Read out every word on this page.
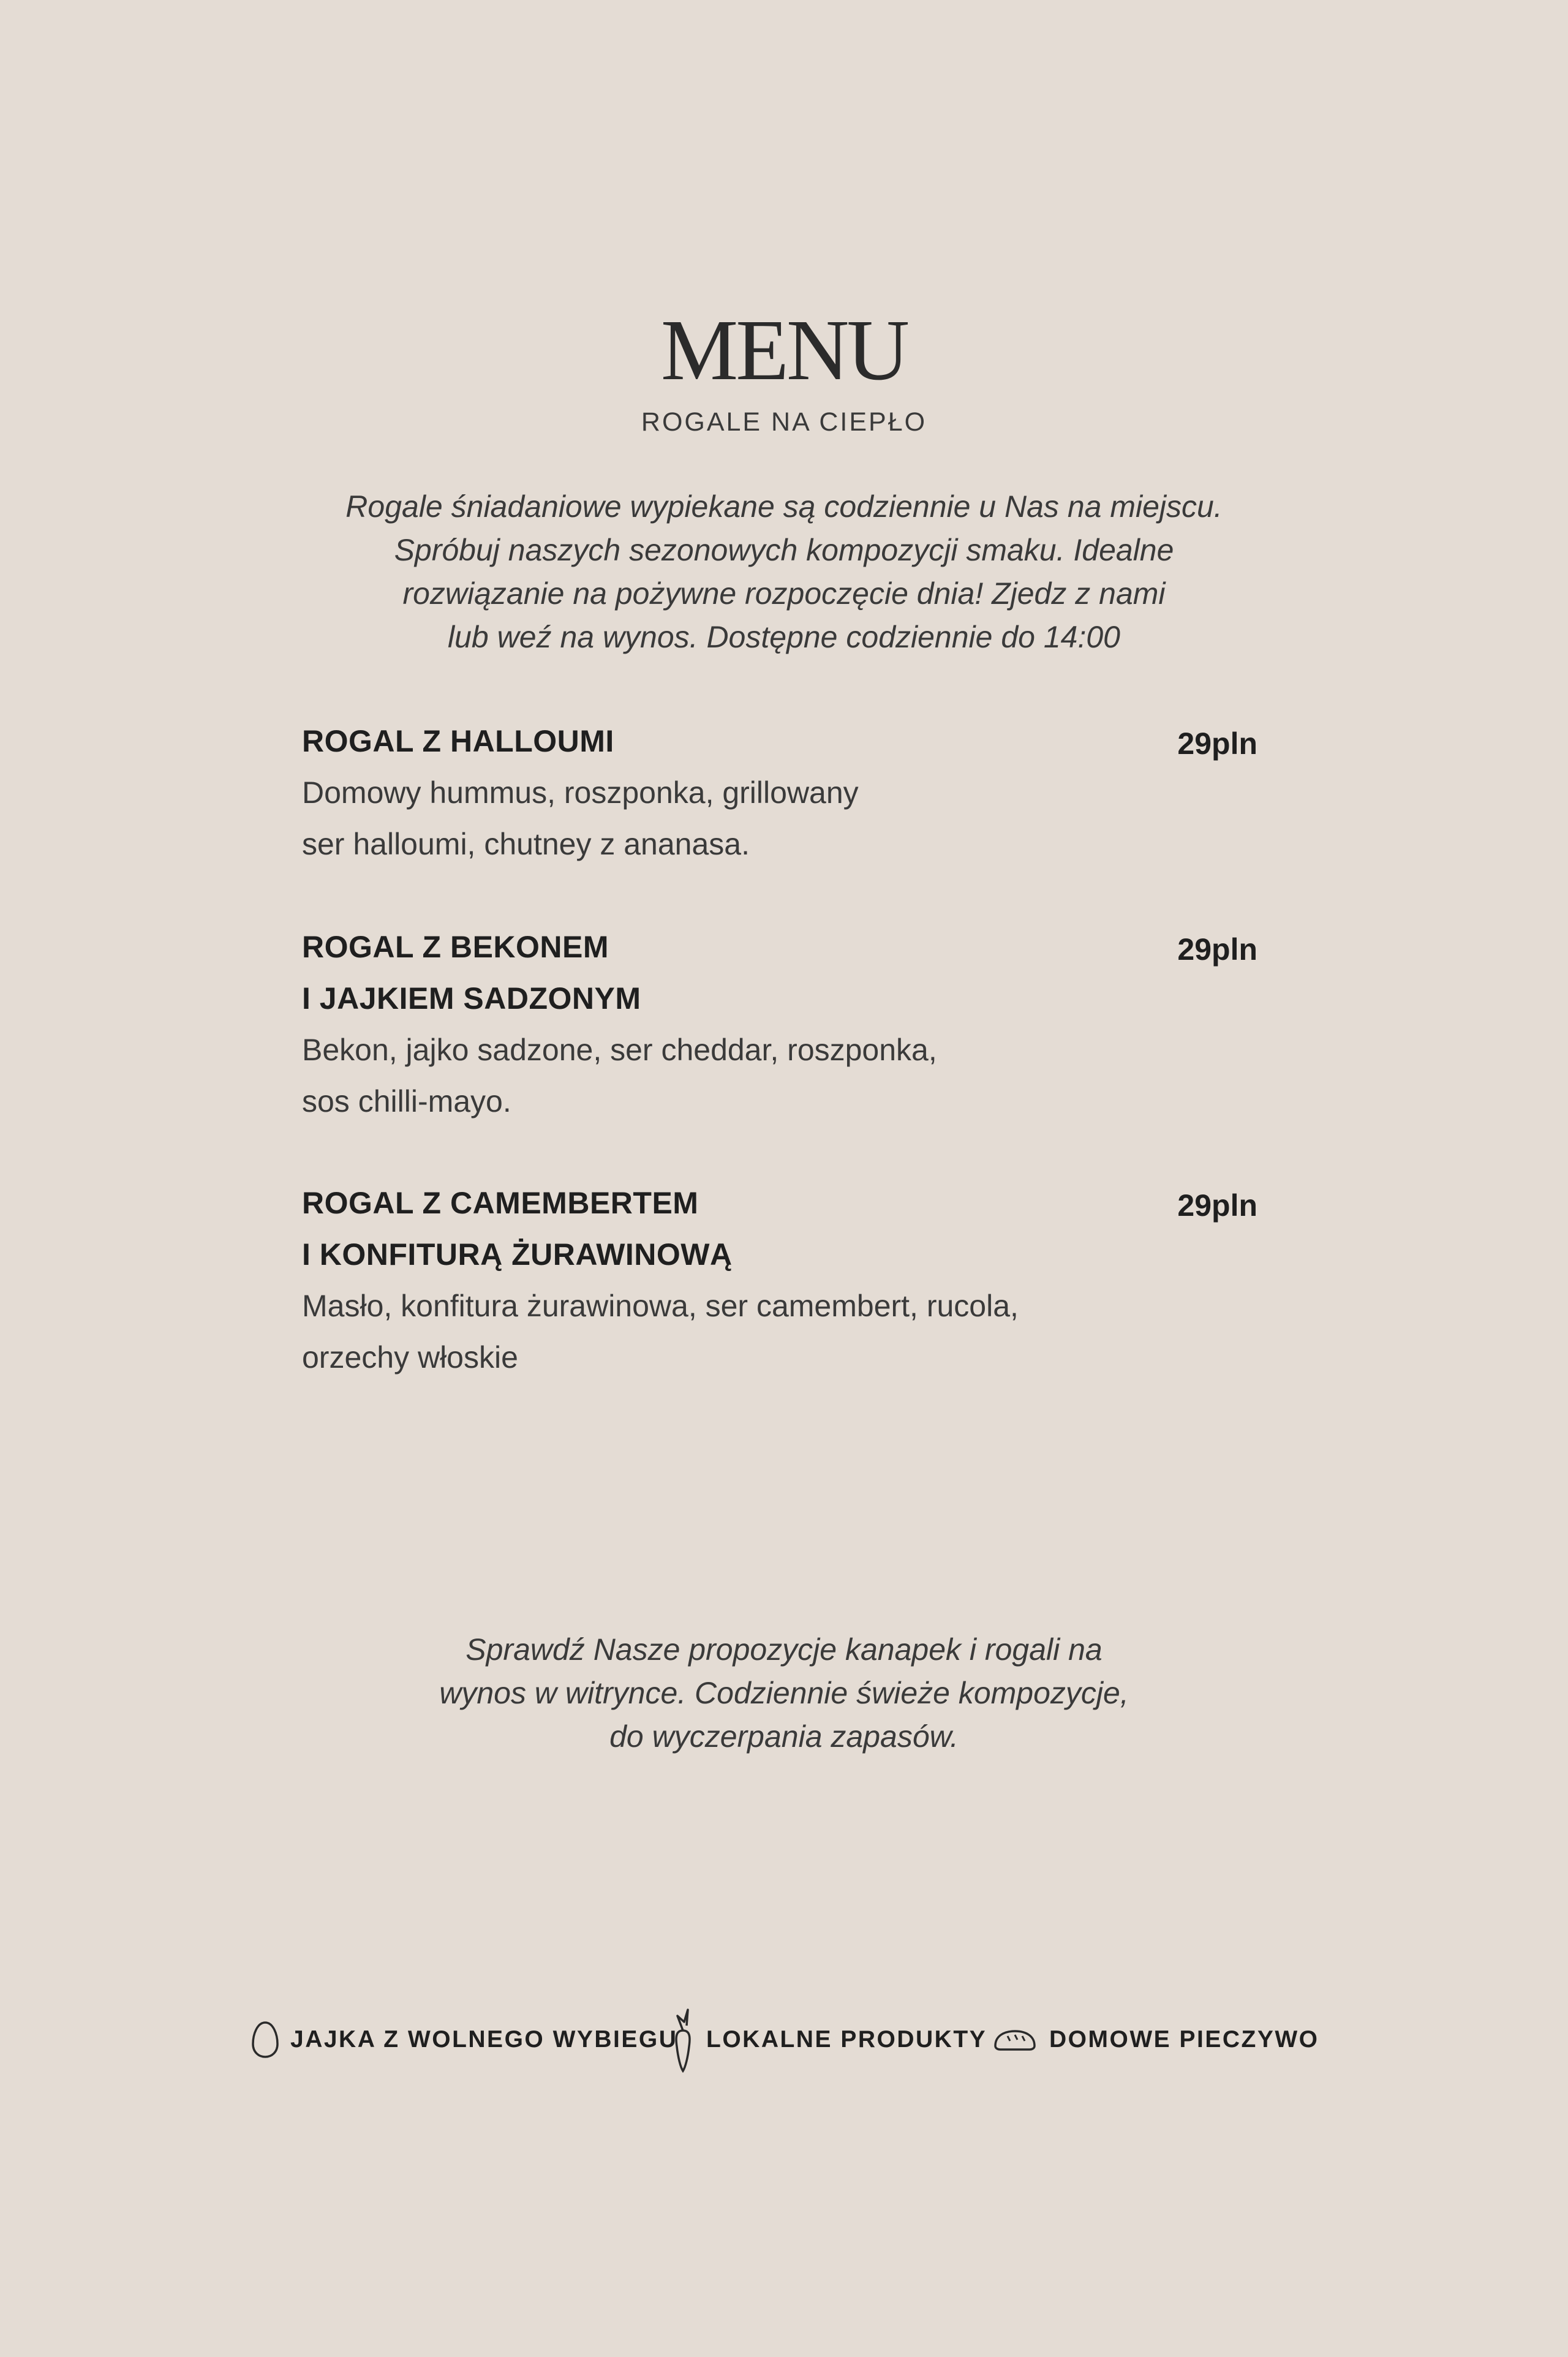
MENU
ROGALE NA CIEPŁO
Rogale śniadaniowe wypiekane są codziennie u Nas na miejscu.
Spróbuj naszych sezonowych kompozycji smaku. Idealne
rozwiązanie na pożywne rozpoczęcie dnia! Zjedz z nami
lub weź na wynos. Dostępne codziennie do 14:00
ROGAL Z HALLOUMI
Domowy hummus, roszponka, grillowany
ser halloumi, chutney z ananasa.
29pln
ROGAL Z BEKONEM
I JAJKIEM SADZONYM
Bekon, jajko sadzone, ser cheddar, roszponka,
sos chilli-mayo.
29pln
ROGAL Z CAMEMBERTEM
I KONFITURĄ ŻURAWINOWĄ
Masło, konfitura żurawinowa, ser camembert, rucola,
orzechy włoskie
29pln
Sprawdź Nasze propozycje kanapek i rogali na
wynos w witrynce. Codziennie świeże kompozycje,
do wyczerpania zapasów.
JAJKA Z WOLNEGO WYBIEGU LOKALNE PRODUKTY	DOMOWE PIECZYWO
